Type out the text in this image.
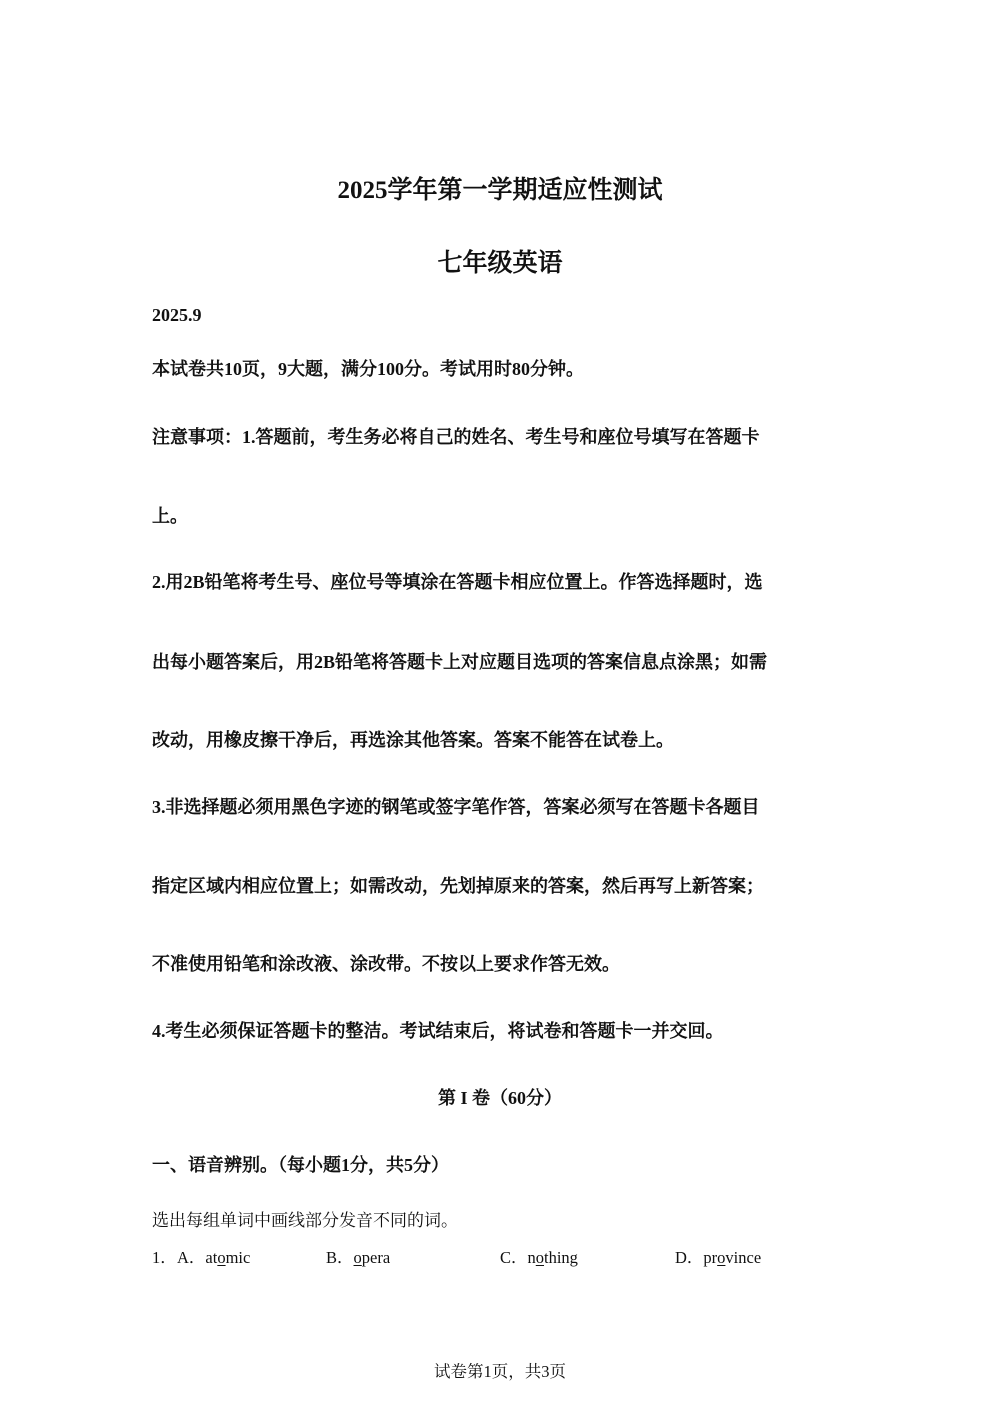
2025学年第一学期适应性测试
七年级英语
2025.9
本试卷共10页，9大题，满分100分。考试用时80分钟。
注意事项：1.答题前，考生务必将自己的姓名、考生号和座位号填写在答题卡
上。
2.用2B铅笔将考生号、座位号等填涂在答题卡相应位置上。作答选择题时，选
出每小题答案后，用2B铅笔将答题卡上对应题目选项的答案信息点涂黑；如需
改动，用橡皮擦干净后，再选涂其他答案。答案不能答在试卷上。
3.非选择题必须用黑色字迹的钢笔或签字笔作答，答案必须写在答题卡各题目
指定区域内相应位置上；如需改动，先划掉原来的答案，然后再写上新答案；
不准使用铅笔和涂改液、涂改带。不按以上要求作答无效。
4.考生必须保证答题卡的整洁。考试结束后，将试卷和答题卡一并交回。
第 I 卷（60分）
一、语音辨别。（每小题1分，共5分）
选出每组单词中画线部分发音不同的词。
1． A．atomic	B．opera	C．nothing	D．province
试卷第1页，共3页
